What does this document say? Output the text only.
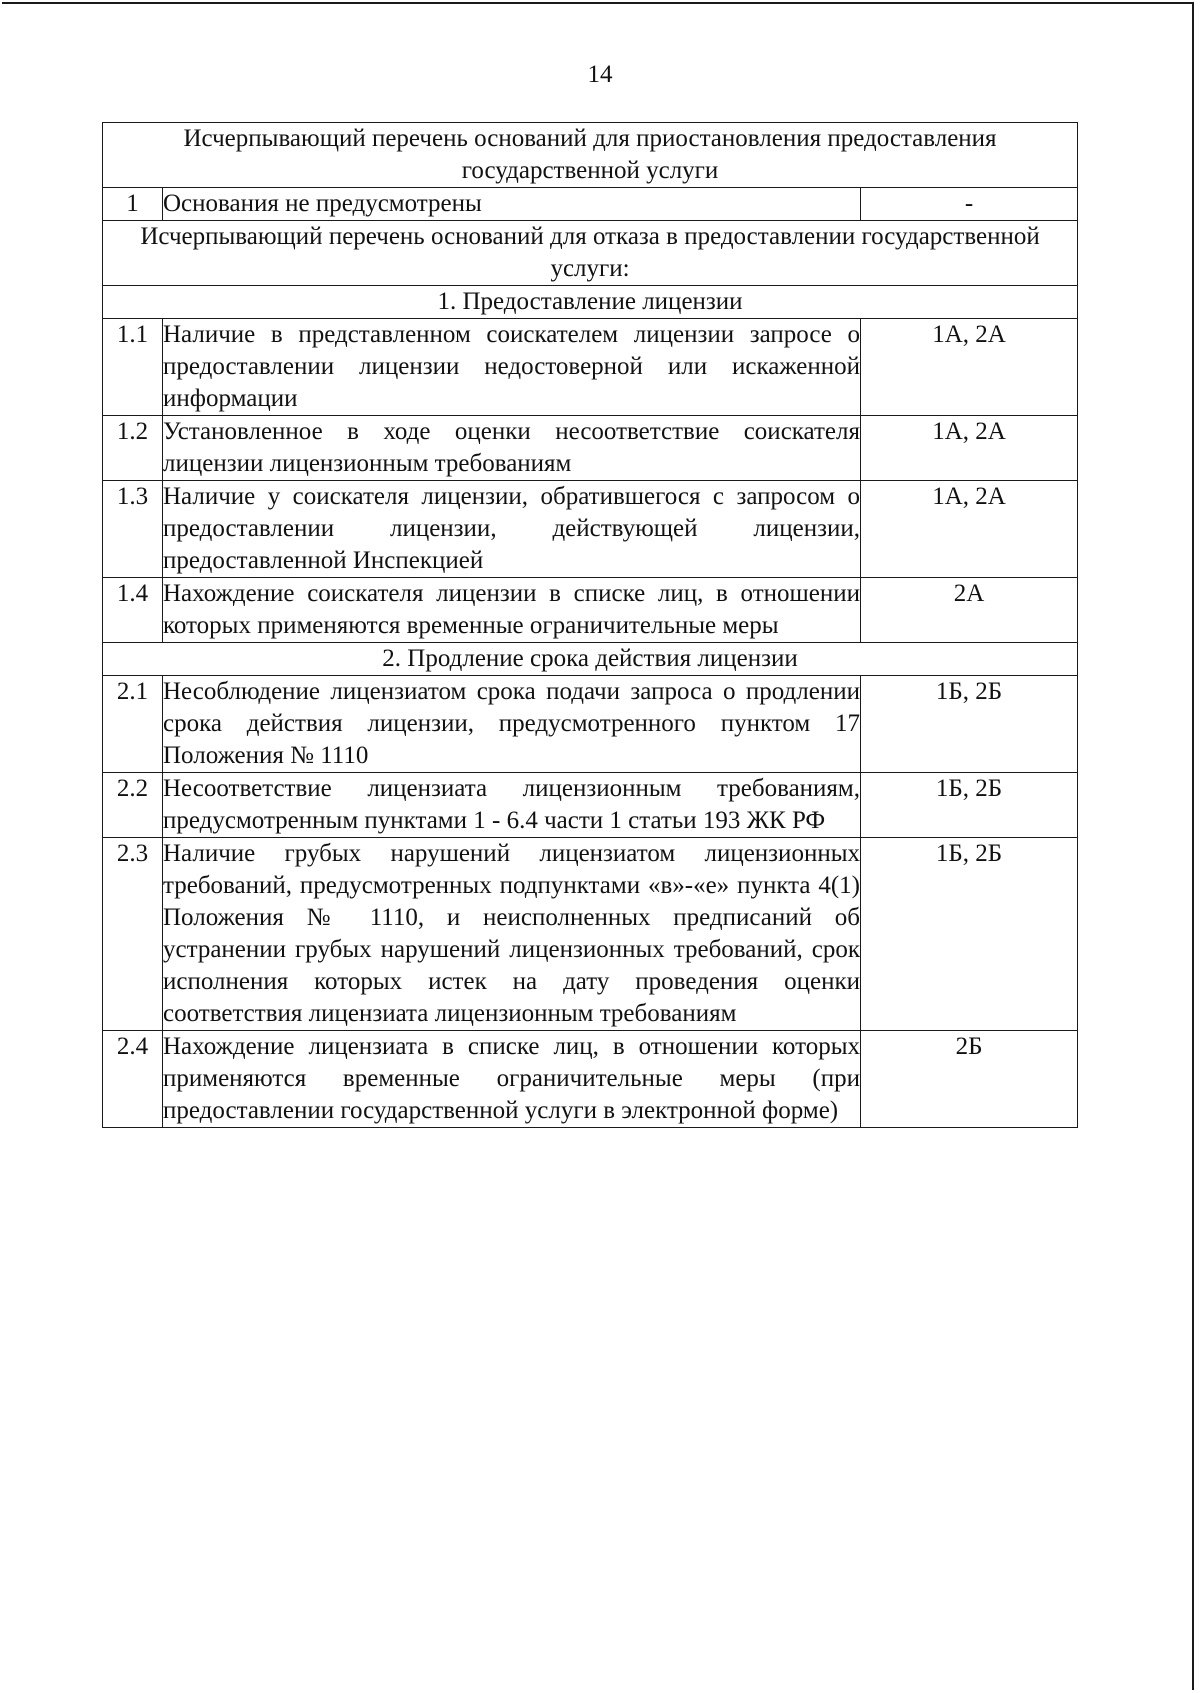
14
Исчерпывающий перечень оснований для приостановления предоставления государственной услуги		
1	Основания не предусмотрены	-
Исчерпывающий перечень оснований для отказа в предоставлении государственной услуги:		
1. Предоставление лицензии		
1.1	Наличие в представленном соискателем лицензии запросе о предоставлении лицензии недостоверной или искаженной информации	1А, 2А
1.2	Установленное в ходе оценки несоответствие соискателя лицензии лицензионным требованиям	1А, 2А
1.3	Наличие у соискателя лицензии, обратившегося с запросом о предоставлении лицензии, действующей лицензии, предоставленной Инспекцией	1А, 2А
1.4	Нахождение соискателя лицензии в списке лиц, в отношении которых применяются временные ограничительные меры	2А
2. Продление срока действия лицензии		
2.1	Несоблюдение лицензиатом срока подачи запроса о продлении срока действия лицензии, предусмотренного пунктом 17 Положения № 1110	1Б, 2Б
2.2	Несоответствие лицензиата лицензионным требованиям, предусмотренным пунктами 1 - 6.4 части 1 статьи 193 ЖК РФ	1Б, 2Б
2.3	Наличие грубых нарушений лицензиатом лицензионных требований, предусмотренных подпунктами «в»-«е» пункта 4(1) Положения № 1110, и неисполненных предписаний об устранении грубых нарушений лицензионных требований, срок исполнения которых истек на дату проведения оценки соответствия лицензиата лицензионным требованиям	1Б, 2Б
2.4	Нахождение лицензиата в списке лиц, в отношении которых применяются временные ограничительные меры (при предоставлении государственной услуги в электронной форме)	2Б
